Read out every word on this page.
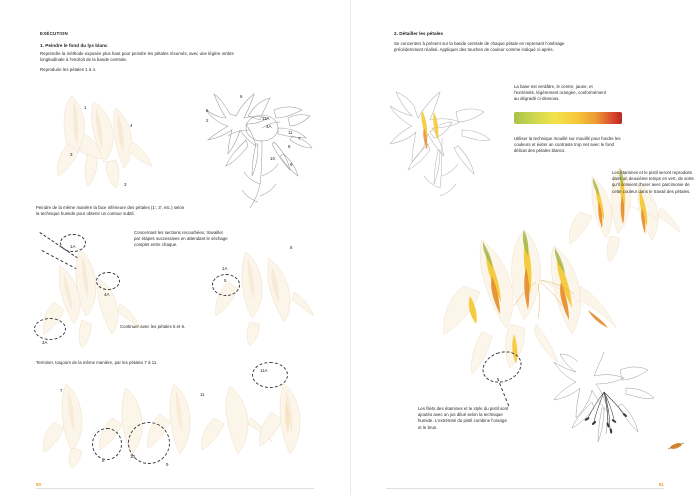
EXÉCUTION
1. Peindre le fond du lys blanc
Reprendre la méthode exposée plus haut pour peindre les pétales récurvés, avec une légère ombre longitudinale à l'endroit de la bande centrale.
Reproduire les pétales 1 à 4.
1
4
3
3
5
6
2	11A
4A
11
10
9
8
7
Peindre de la même manière la face inférieure des pétales (1', 3', etc.) selon la technique humide pour obtenir un contour subtil.
1A
4A
3A
Concernant les sections recourbées, travailler par étapes successives en attendant le séchage complet entre chaque.
6
1A
5
Continuer avec les pétales 5 et 6.
Terminer, toujours de la même manière, par les pétales 7 à 11.
7
8
10
9
11
11A
80
2. Détailler les pétales
Se concentrer à présent sur la bande centrale de chaque pétale en reprenant l'ombrage précédemment réalisé. Appliquer des touches de couleur comme indiqué ci-après.
La base est verdâtre, le centre, jaune, et l'extrémité, légèrement orangée, conformément au dégradé ci-dessous.
Utiliser la technique mouillé sur mouillé pour fondre les couleurs et éviter un contraste trop net avec le fond délicat des pétales blancs.
Les étamines et le pistil seront reproduits dans un deuxième temps en vert, de sorte qu'il convient d'user avec parcimonie de cette couleur dans le travail des pétales.
Les filets des étamines et le style du pistil sont ajoutés avec un jus dilué selon la technique humide. L'extrémité du pistil combine l'orange et le brun.
81
